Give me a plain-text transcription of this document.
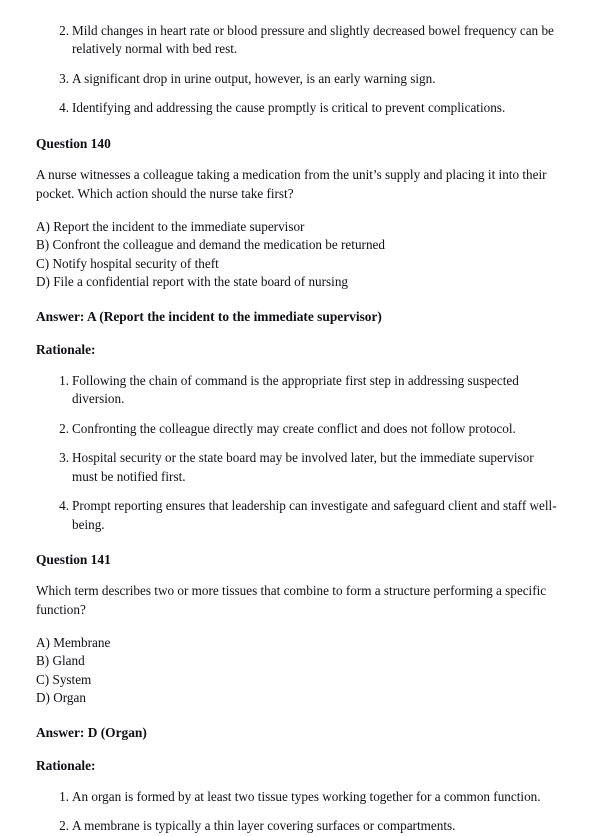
2. Mild changes in heart rate or blood pressure and slightly decreased bowel frequency can be relatively normal with bed rest.
3. A significant drop in urine output, however, is an early warning sign.
4. Identifying and addressing the cause promptly is critical to prevent complications.
Question 140
A nurse witnesses a colleague taking a medication from the unit’s supply and placing it into their pocket. Which action should the nurse take first?
A) Report the incident to the immediate supervisor
B) Confront the colleague and demand the medication be returned
C) Notify hospital security of theft
D) File a confidential report with the state board of nursing
Answer: A (Report the incident to the immediate supervisor)
Rationale:
1. Following the chain of command is the appropriate first step in addressing suspected diversion.
2. Confronting the colleague directly may create conflict and does not follow protocol.
3. Hospital security or the state board may be involved later, but the immediate supervisor must be notified first.
4. Prompt reporting ensures that leadership can investigate and safeguard client and staff well-being.
Question 141
Which term describes two or more tissues that combine to form a structure performing a specific function?
A) Membrane
B) Gland
C) System
D) Organ
Answer: D (Organ)
Rationale:
1. An organ is formed by at least two tissue types working together for a common function.
2. A membrane is typically a thin layer covering surfaces or compartments.
